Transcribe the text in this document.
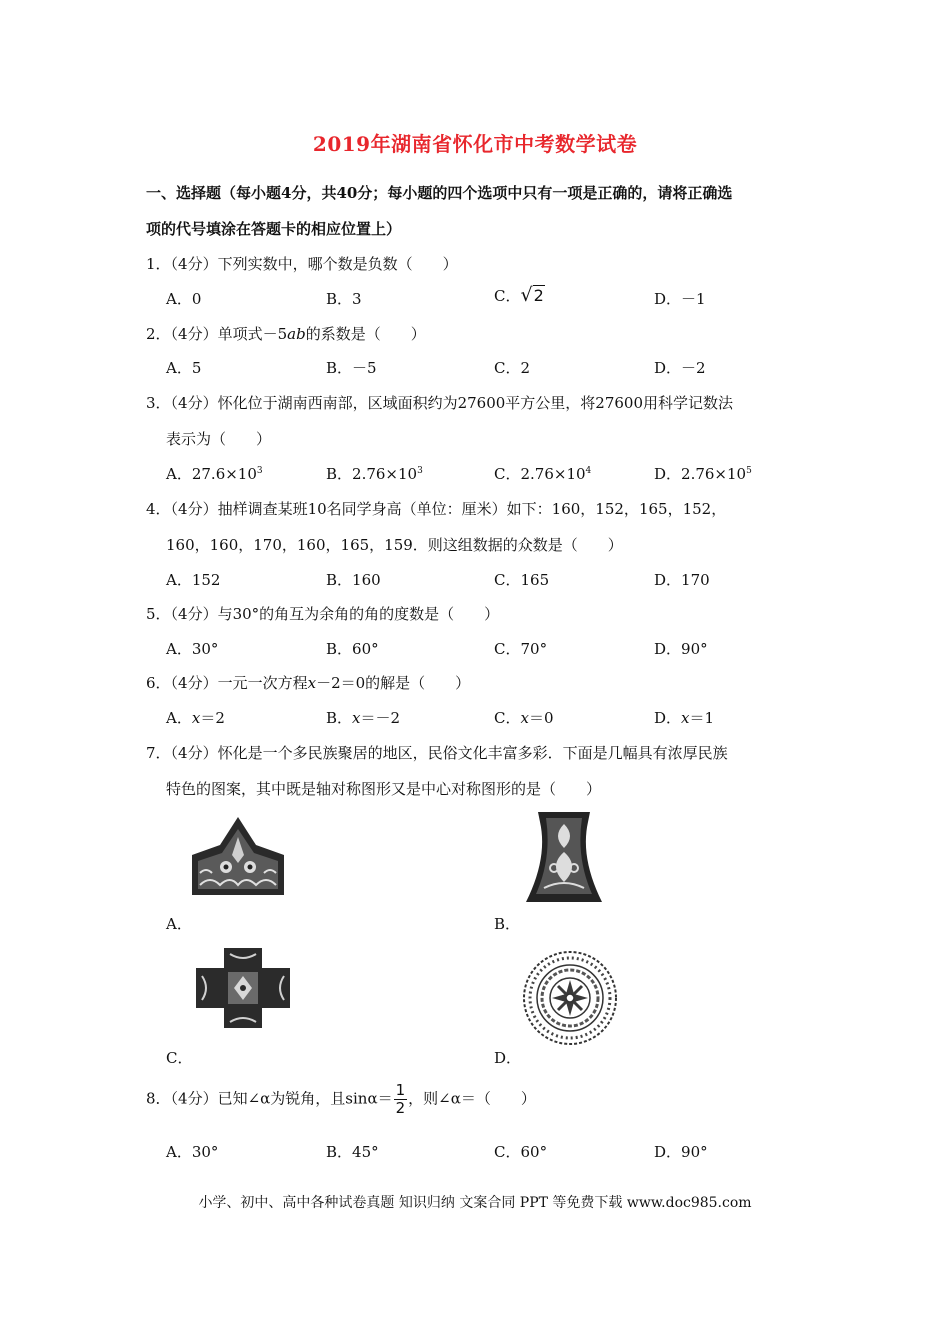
2019年湖南省怀化市中考数学试卷
一、选择题（每小题4分，共40分；每小题的四个选项中只有一项是正确的，请将正确选
项的代号填涂在答题卡的相应位置上）
1．（4分）下列实数中，哪个数是负数（　　）
A．0	B．3	C．√2	D．－1
2．（4分）单项式－5ab的系数是（　　）
A．5	B．－5	C．2	D．－2
3．（4分）怀化位于湖南西南部，区域面积约为27600平方公里，将27600用科学记数法
表示为（　　）
A．$27.6\times 10^3$	B．$2.76\times 10^3$	C．$2.76\times 10^4$	D．$2.76\times 10^5$
4．（4分）抽样调查某班10名同学身高（单位：厘米）如下：160，152，165，152，
160，160，170，160，165，159．则这组数据的众数是（　　）
A．152	B．160	C．165	D．170
5．（4分）与30°的角互为余角的角的度数是（　　）
A．30°	B．60°	C．70°	D．90°
6．（4分）一元一次方程x－2＝0的解是（　　）
A．x＝2	B．x＝－2	C．x＝0	D．x＝1
7．（4分）怀化是一个多民族聚居的地区，民俗文化丰富多彩．下面是几幅具有浓厚民族
特色的图案，其中既是轴对称图形又是中心对称图形的是（　　）
A．	B．
C．	D．
8．（4分）已知∠α为锐角，且$\sin\alpha= \frac{1}{2}$ ，则∠α＝（　　）
A．30°	B．45°	C．60°	D．90°
小学、初中、高中各种试卷真题 知识归纳 文案合同 PPT 等免费下载 www.doc985.com
